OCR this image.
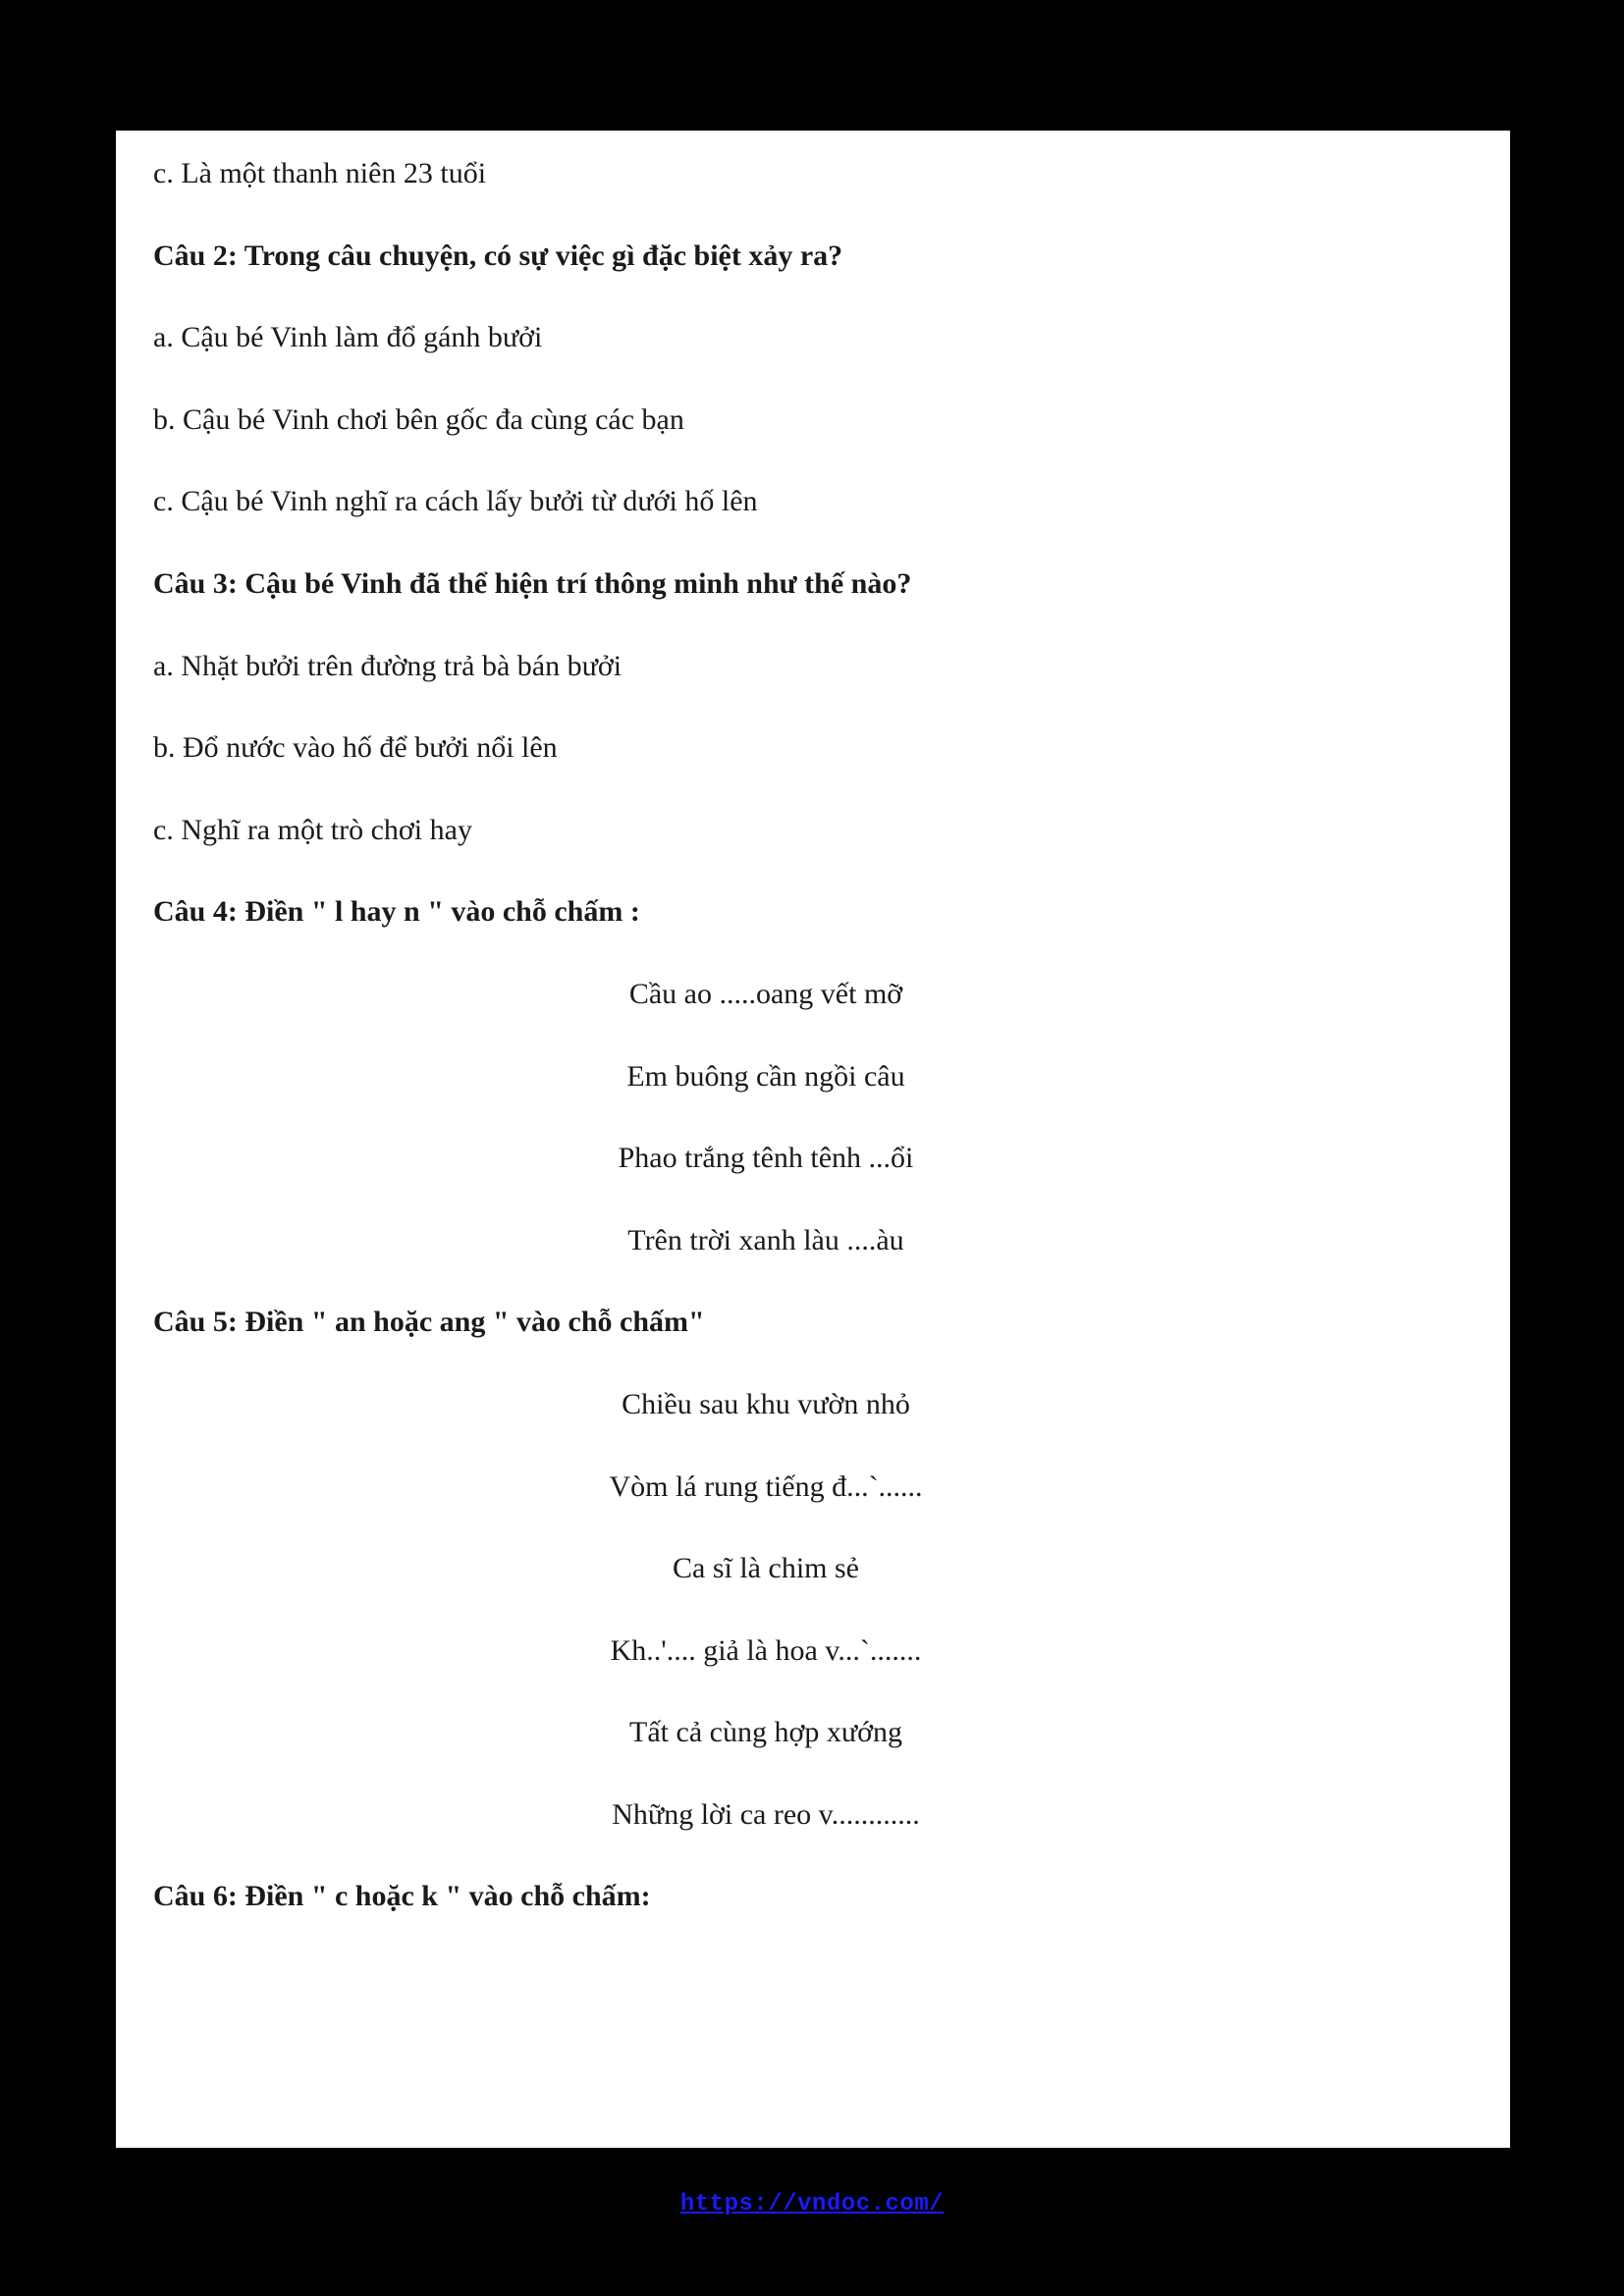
c. Là một thanh niên 23 tuổi

Câu 2: Trong câu chuyện, có sự việc gì đặc biệt xảy ra?

a. Cậu bé Vinh làm đổ gánh bưởi

b. Cậu bé Vinh chơi bên gốc đa cùng các bạn

c. Cậu bé Vinh nghĩ ra cách lấy bưởi từ dưới hố lên

Câu 3: Cậu bé Vinh đã thể hiện trí thông minh như thế nào?

a. Nhặt bưởi trên đường trả bà bán bưởi

b. Đổ nước vào hố để bưởi nổi lên

c. Nghĩ ra một trò chơi hay

Câu 4: Điền " l hay n " vào chỗ chấm :

Cầu ao .....oang vết mỡ

Em buông cần ngồi câu

Phao trắng tênh tênh ...ổi

Trên trời xanh làu ....àu

Câu 5: Điền " an hoặc ang " vào chỗ chấm"

Chiều sau khu vườn nhỏ

Vòm lá rung tiếng đ...`......

Ca sĩ là chim sẻ

Kh..'.... giả là hoa v...`.......

Tất cả cùng hợp xướng

Những lời ca reo v............

Câu 6: Điền " c hoặc k " vào chỗ chấm:

https://vndoc.com/
